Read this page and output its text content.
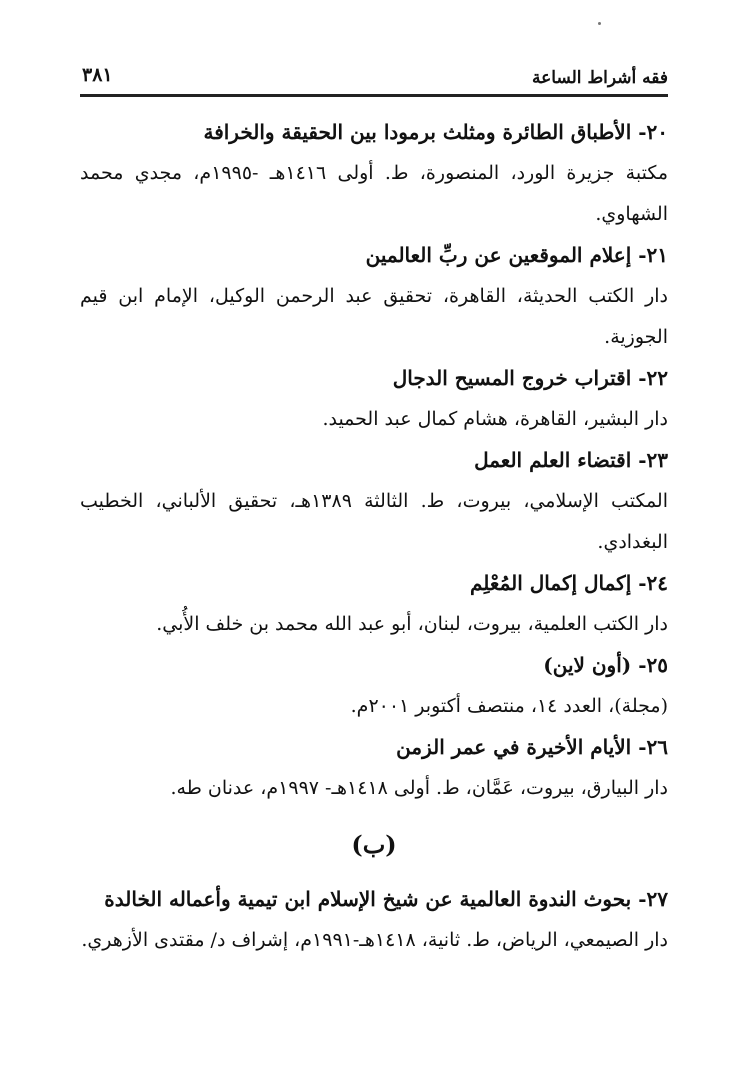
٣٨١	فقه أشراط الساعة

٢٠- الأطباق الطائرة ومثلث برمودا بين الحقيقة والخرافة

مكتبة جزيرة الورد، المنصورة، ط. أولى ١٤١٦هـ -١٩٩٥م، مجدي محمد الشهاوي.

٢١- إعلام الموقعين عن ربِّ العالمين

دار الكتب الحديثة، القاهرة، تحقيق عبد الرحمن الوكيل، الإمام ابن قيم الجوزية.

٢٢- اقتراب خروج المسيح الدجال

دار البشير، القاهرة، هشام كمال عبد الحميد.

٢٣- اقتضاء العلم العمل

المكتب الإسلامي، بيروت، ط. الثالثة ١٣٨٩هـ، تحقيق الألباني، الخطيب البغدادي.

٢٤- إكمال إكمال المُعْلِم

دار الكتب العلمية، بيروت، لبنان، أبو عبد الله محمد بن خلف الأُبي.

٢٥- (أون لاين)

(مجلة)، العدد ١٤، منتصف أكتوبر ٢٠٠١م.

٢٦- الأيام الأخيرة في عمر الزمن

دار البيارق، بيروت، عَمَّان، ط. أولى ١٤١٨هـ- ١٩٩٧م، عدنان طه.

(ب)

٢٧- بحوث الندوة العالمية عن شيخ الإسلام ابن تيمية وأعماله الخالدة

دار الصيمعي، الرياض، ط. ثانية، ١٤١٨هـ-١٩٩١م، إشراف د/ مقتدى الأزهري.
